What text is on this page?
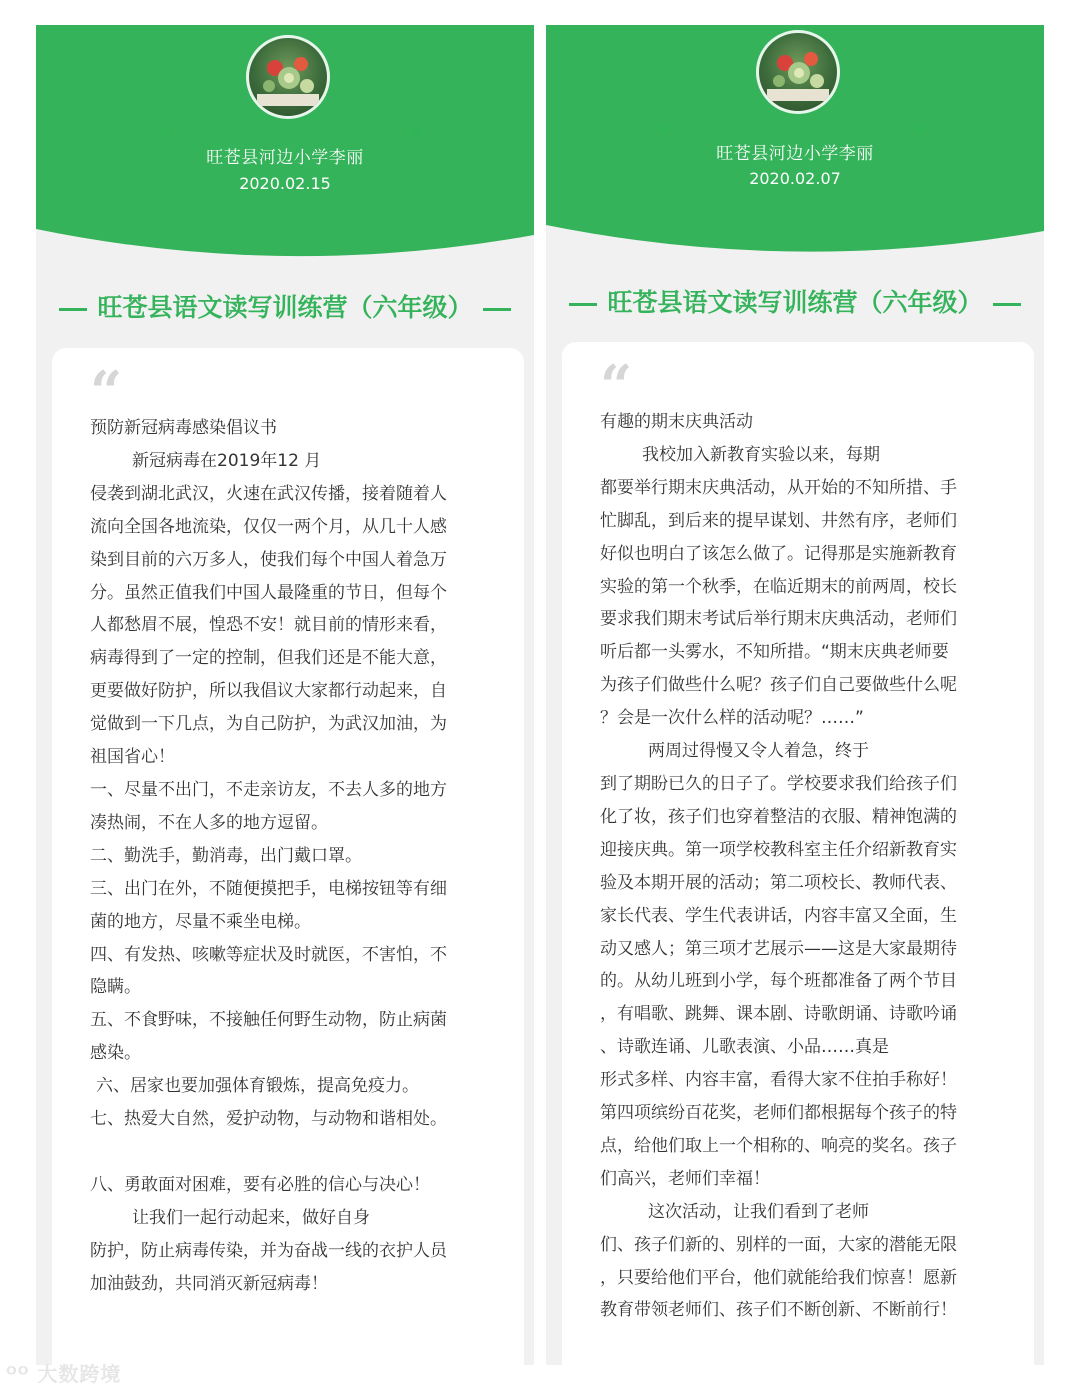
旺苍县河边小学李丽
2020.02.15
旺苍县语文读写训练营（六年级）
“

预防新冠病毒感染倡议书

新冠病毒在2019年12 月

侵袭到湖北武汉，火速在武汉传播，接着随着人

流向全国各地流染，仅仅一两个月，从几十人感

染到目前的六万多人，使我们每个中国人着急万

分。虽然正值我们中国人最隆重的节日，但每个

人都愁眉不展，惶恐不安！就目前的情形来看，

病毒得到了一定的控制，但我们还是不能大意，

更要做好防护，所以我倡议大家都行动起来，自

觉做到一下几点，为自己防护，为武汉加油，为

祖国省心！

一、尽量不出门，不走亲访友，不去人多的地方

凑热闹，不在人多的地方逗留。

二、勤洗手，勤消毒，出门戴口罩。

三、出门在外，不随便摸把手，电梯按钮等有细

菌的地方，尽量不乘坐电梯。

四、有发热、咳嗽等症状及时就医，不害怕，不

隐瞒。

五、不食野味，不接触任何野生动物，防止病菌

感染。

六、居家也要加强体育锻炼，提高免疫力。

七、热爱大自然，爱护动物，与动物和谐相处。

八、勇敢面对困难，要有必胜的信心与决心！

让我们一起行动起来，做好自身

防护，防止病毒传染，并为奋战一线的衣护人员

加油鼓劲，共同消灭新冠病毒！

旺苍县河边小学李丽
2020.02.07
旺苍县语文读写训练营（六年级）
“

有趣的期末庆典活动

我校加入新教育实验以来，每期

都要举行期末庆典活动，从开始的不知所措、手

忙脚乱，到后来的提早谋划、井然有序，老师们

好似也明白了该怎么做了。记得那是实施新教育

实验的第一个秋季，在临近期末的前两周，校长

要求我们期末考试后举行期末庆典活动，老师们

听后都一头雾水，不知所措。“期末庆典老师要

为孩子们做些什么呢？孩子们自己要做些什么呢

？会是一次什么样的活动呢？……”

两周过得慢又令人着急，终于

到了期盼已久的日子了。学校要求我们给孩子们

化了妆，孩子们也穿着整洁的衣服、精神饱满的

迎接庆典。第一项学校教科室主任介绍新教育实

验及本期开展的活动；第二项校长、教师代表、

家长代表、学生代表讲话，内容丰富又全面，生

动又感人；第三项才艺展示——这是大家最期待

的。从幼儿班到小学，每个班都准备了两个节目

，有唱歌、跳舞、课本剧、诗歌朗诵、诗歌吟诵

、诗歌连诵、儿歌表演、小品……真是

形式多样、内容丰富，看得大家不住拍手称好！

第四项缤纷百花奖，老师们都根据每个孩子的特

点，给他们取上一个相称的、响亮的奖名。孩子

们高兴，老师们幸福！

这次活动，让我们看到了老师

们、孩子们新的、别样的一面，大家的潜能无限

，只要给他们平台，他们就能给我们惊喜！愿新

教育带领老师们、孩子们不断创新、不断前行！

ᴼᴼ 大数跨境
